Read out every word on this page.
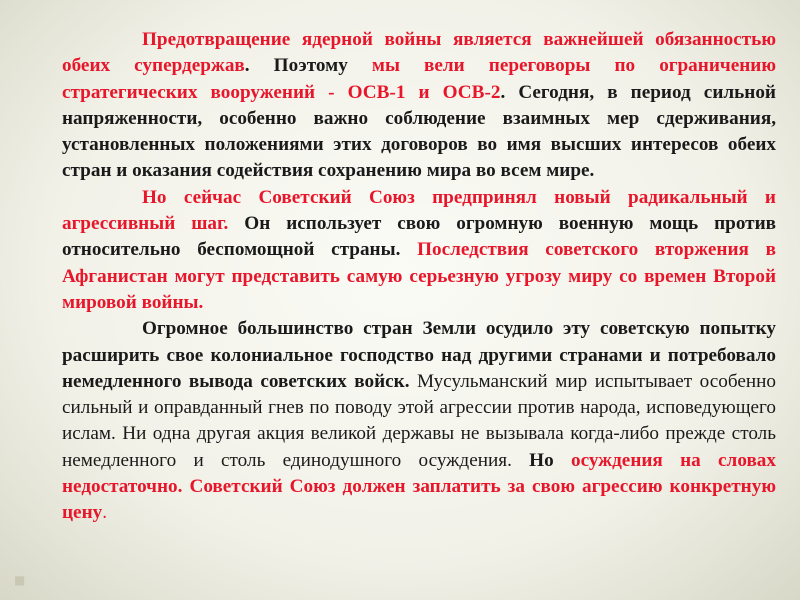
■

Предотвращение ядерной войны является важнейшей обязанностью обеих супердержав. Поэтому мы вели переговоры по ограничению стратегических вооружений - ОСВ-1 и ОСВ-2. Сегодня, в период сильной напряженности, особенно важно соблюдение взаимных мер сдерживания, установленных положениями этих договоров во имя высших интересов обеих стран и оказания содействия сохранению мира во всем мире.

Но сейчас Советский Союз предпринял новый радикальный и агрессивный шаг. Он использует свою огромную военную мощь против относительно беспомощной страны. Последствия советского вторжения в Афганистан могут представить самую серьезную угрозу миру со времен Второй мировой войны.

Огромное большинство стран Земли осудило эту советскую попытку расширить свое колониальное господство над другими странами и потребовало немедленного вывода советских войск. Мусульманский мир испытывает особенно сильный и оправданный гнев по поводу этой агрессии против народа, исповедующего ислам. Ни одна другая акция великой державы не вызывала когда-либо прежде столь немедленного и столь единодушного осуждения. Но осуждения на словах недостаточно. Советский Союз должен заплатить за свою агрессию конкретную цену.
